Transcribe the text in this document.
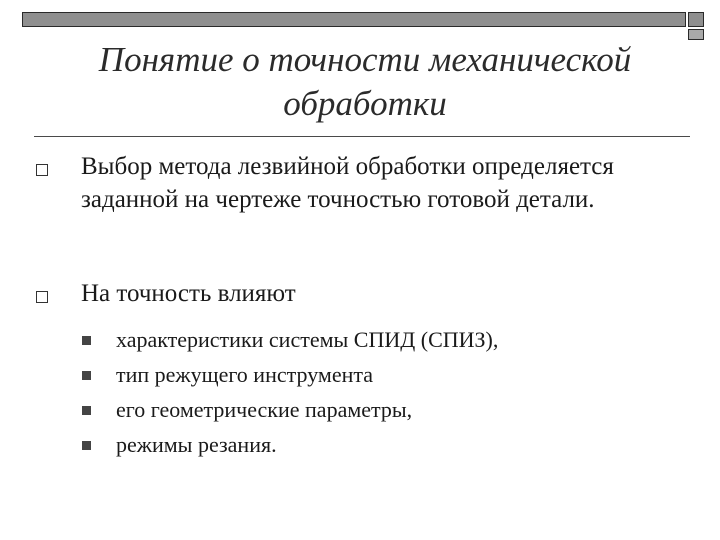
Понятие о точности механической обработки
Выбор метода лезвийной обработки определяется заданной на чертеже точностью готовой детали.
На точность влияют
характеристики системы СПИД (СПИЗ),
тип режущего инструмента
его геометрические параметры,
режимы резания.
